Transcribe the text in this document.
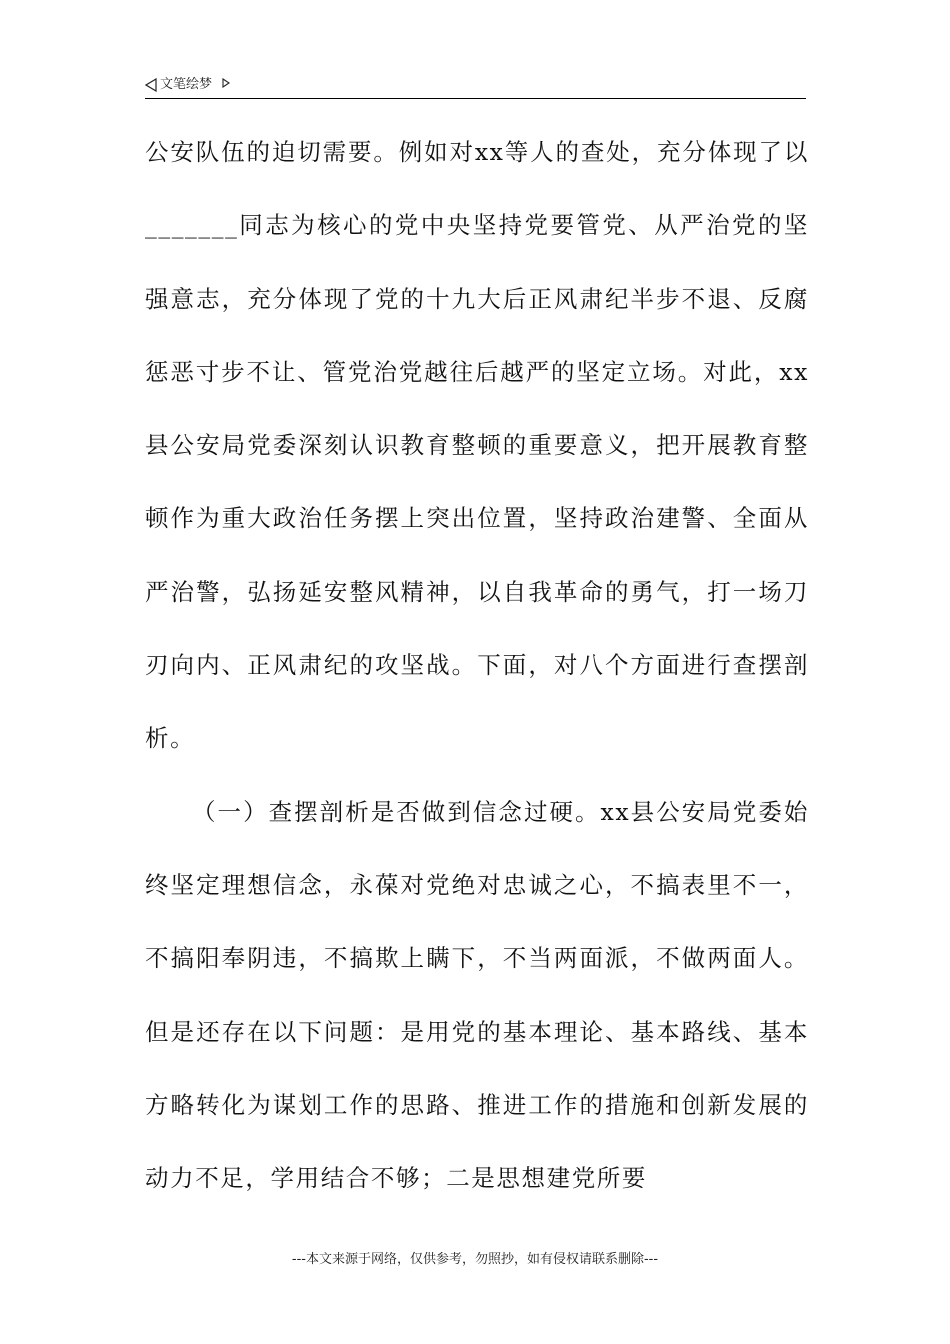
文笔绘梦

公安队伍的迫切需要。例如对xx等人的查处，充分体现了以_______同志为核心的党中央坚持党要管党、从严治党的坚强意志，充分体现了党的十九大后正风肃纪半步不退、反腐惩恶寸步不让、管党治党越往后越严的坚定立场。对此，xx县公安局党委深刻认识教育整顿的重要意义，把开展教育整顿作为重大政治任务摆上突出位置，坚持政治建警、全面从严治警，弘扬延安整风精神，以自我革命的勇气，打一场刀刃向内、正风肃纪的攻坚战。下面，对八个方面进行查摆剖析。

（一）查摆剖析是否做到信念过硬。xx县公安局党委始终坚定理想信念，永葆对党绝对忠诚之心，不搞表里不一，不搞阳奉阴违，不搞欺上瞒下，不当两面派，不做两面人。但是还存在以下问题：是用党的基本理论、基本路线、基本方略转化为谋划工作的思路、推进工作的措施和创新发展的动力不足，学用结合不够；二是思想建党所要

---本文来源于网络，仅供参考，勿照抄，如有侵权请联系删除---
